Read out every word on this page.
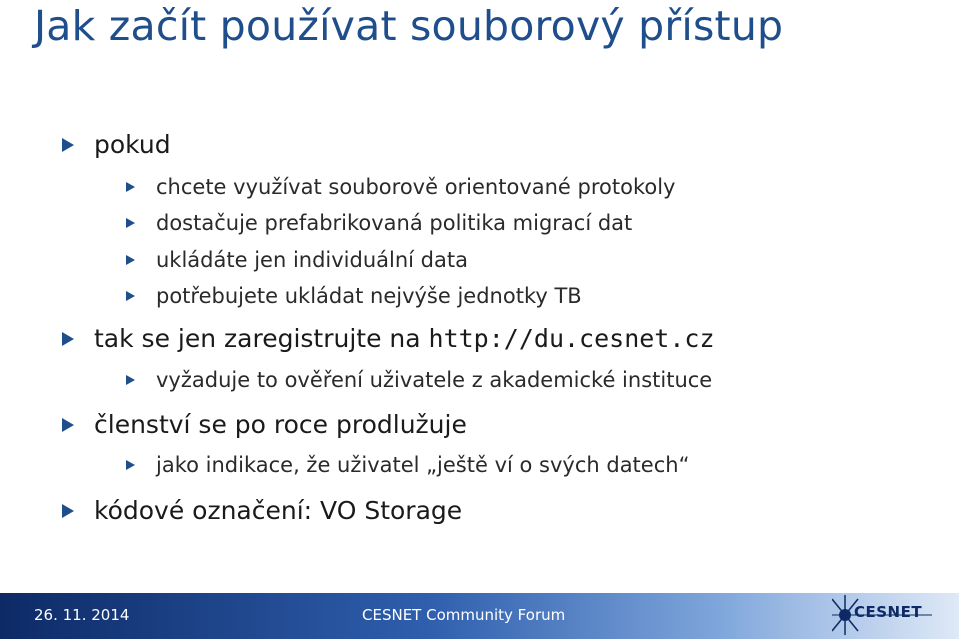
Jak začít používat souborový přístup
pokud
chcete využívat souborově orientované protokoly
dostačuje prefabrikovaná politika migrací dat
ukládáte jen individuální data
potřebujete ukládat nejvýše jednotky TB
tak se jen zaregistrujte na http://du.cesnet.cz
vyžaduje to ověření uživatele z akademické instituce
členství se po roce prodlužuje
jako indikace, že uživatel „ještě ví o svých datech“
kódové označení: VO Storage
26. 11. 2014	CESNET Community Forum	CESNET
